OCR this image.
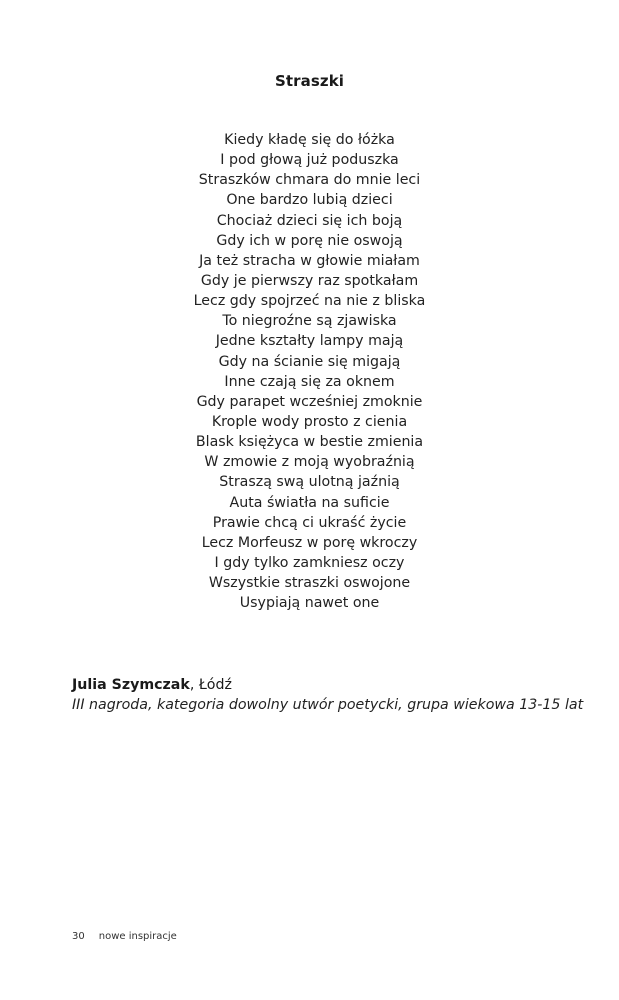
Straszki
Kiedy kładę się do łóżka
I pod głową już poduszka
Straszków chmara do mnie leci
One bardzo lubią dzieci
Chociaż dzieci się ich boją
Gdy ich w porę nie oswoją
Ja też stracha w głowie miałam
Gdy je pierwszy raz spotkałam
Lecz gdy spojrzeć na nie z bliska
To niegroźne są zjawiska
Jedne kształty lampy mają
Gdy na ścianie się migają
Inne czają się za oknem
Gdy parapet wcześniej zmoknie
Krople wody prosto z cienia
Blask księżyca w bestie zmienia
W zmowie z moją wyobraźnią
Straszą swą ulotną jaźnią
Auta światła na suficie
Prawie chcą ci ukraść życie
Lecz Morfeusz w porę wkroczy
I gdy tylko zamkniesz oczy
Wszystkie straszki oswojone
Usypiają nawet one
Julia Szymczak, Łódź
III nagroda, kategoria dowolny utwór poetycki, grupa wiekowa 13-15 lat
30 nowe inspiracje
